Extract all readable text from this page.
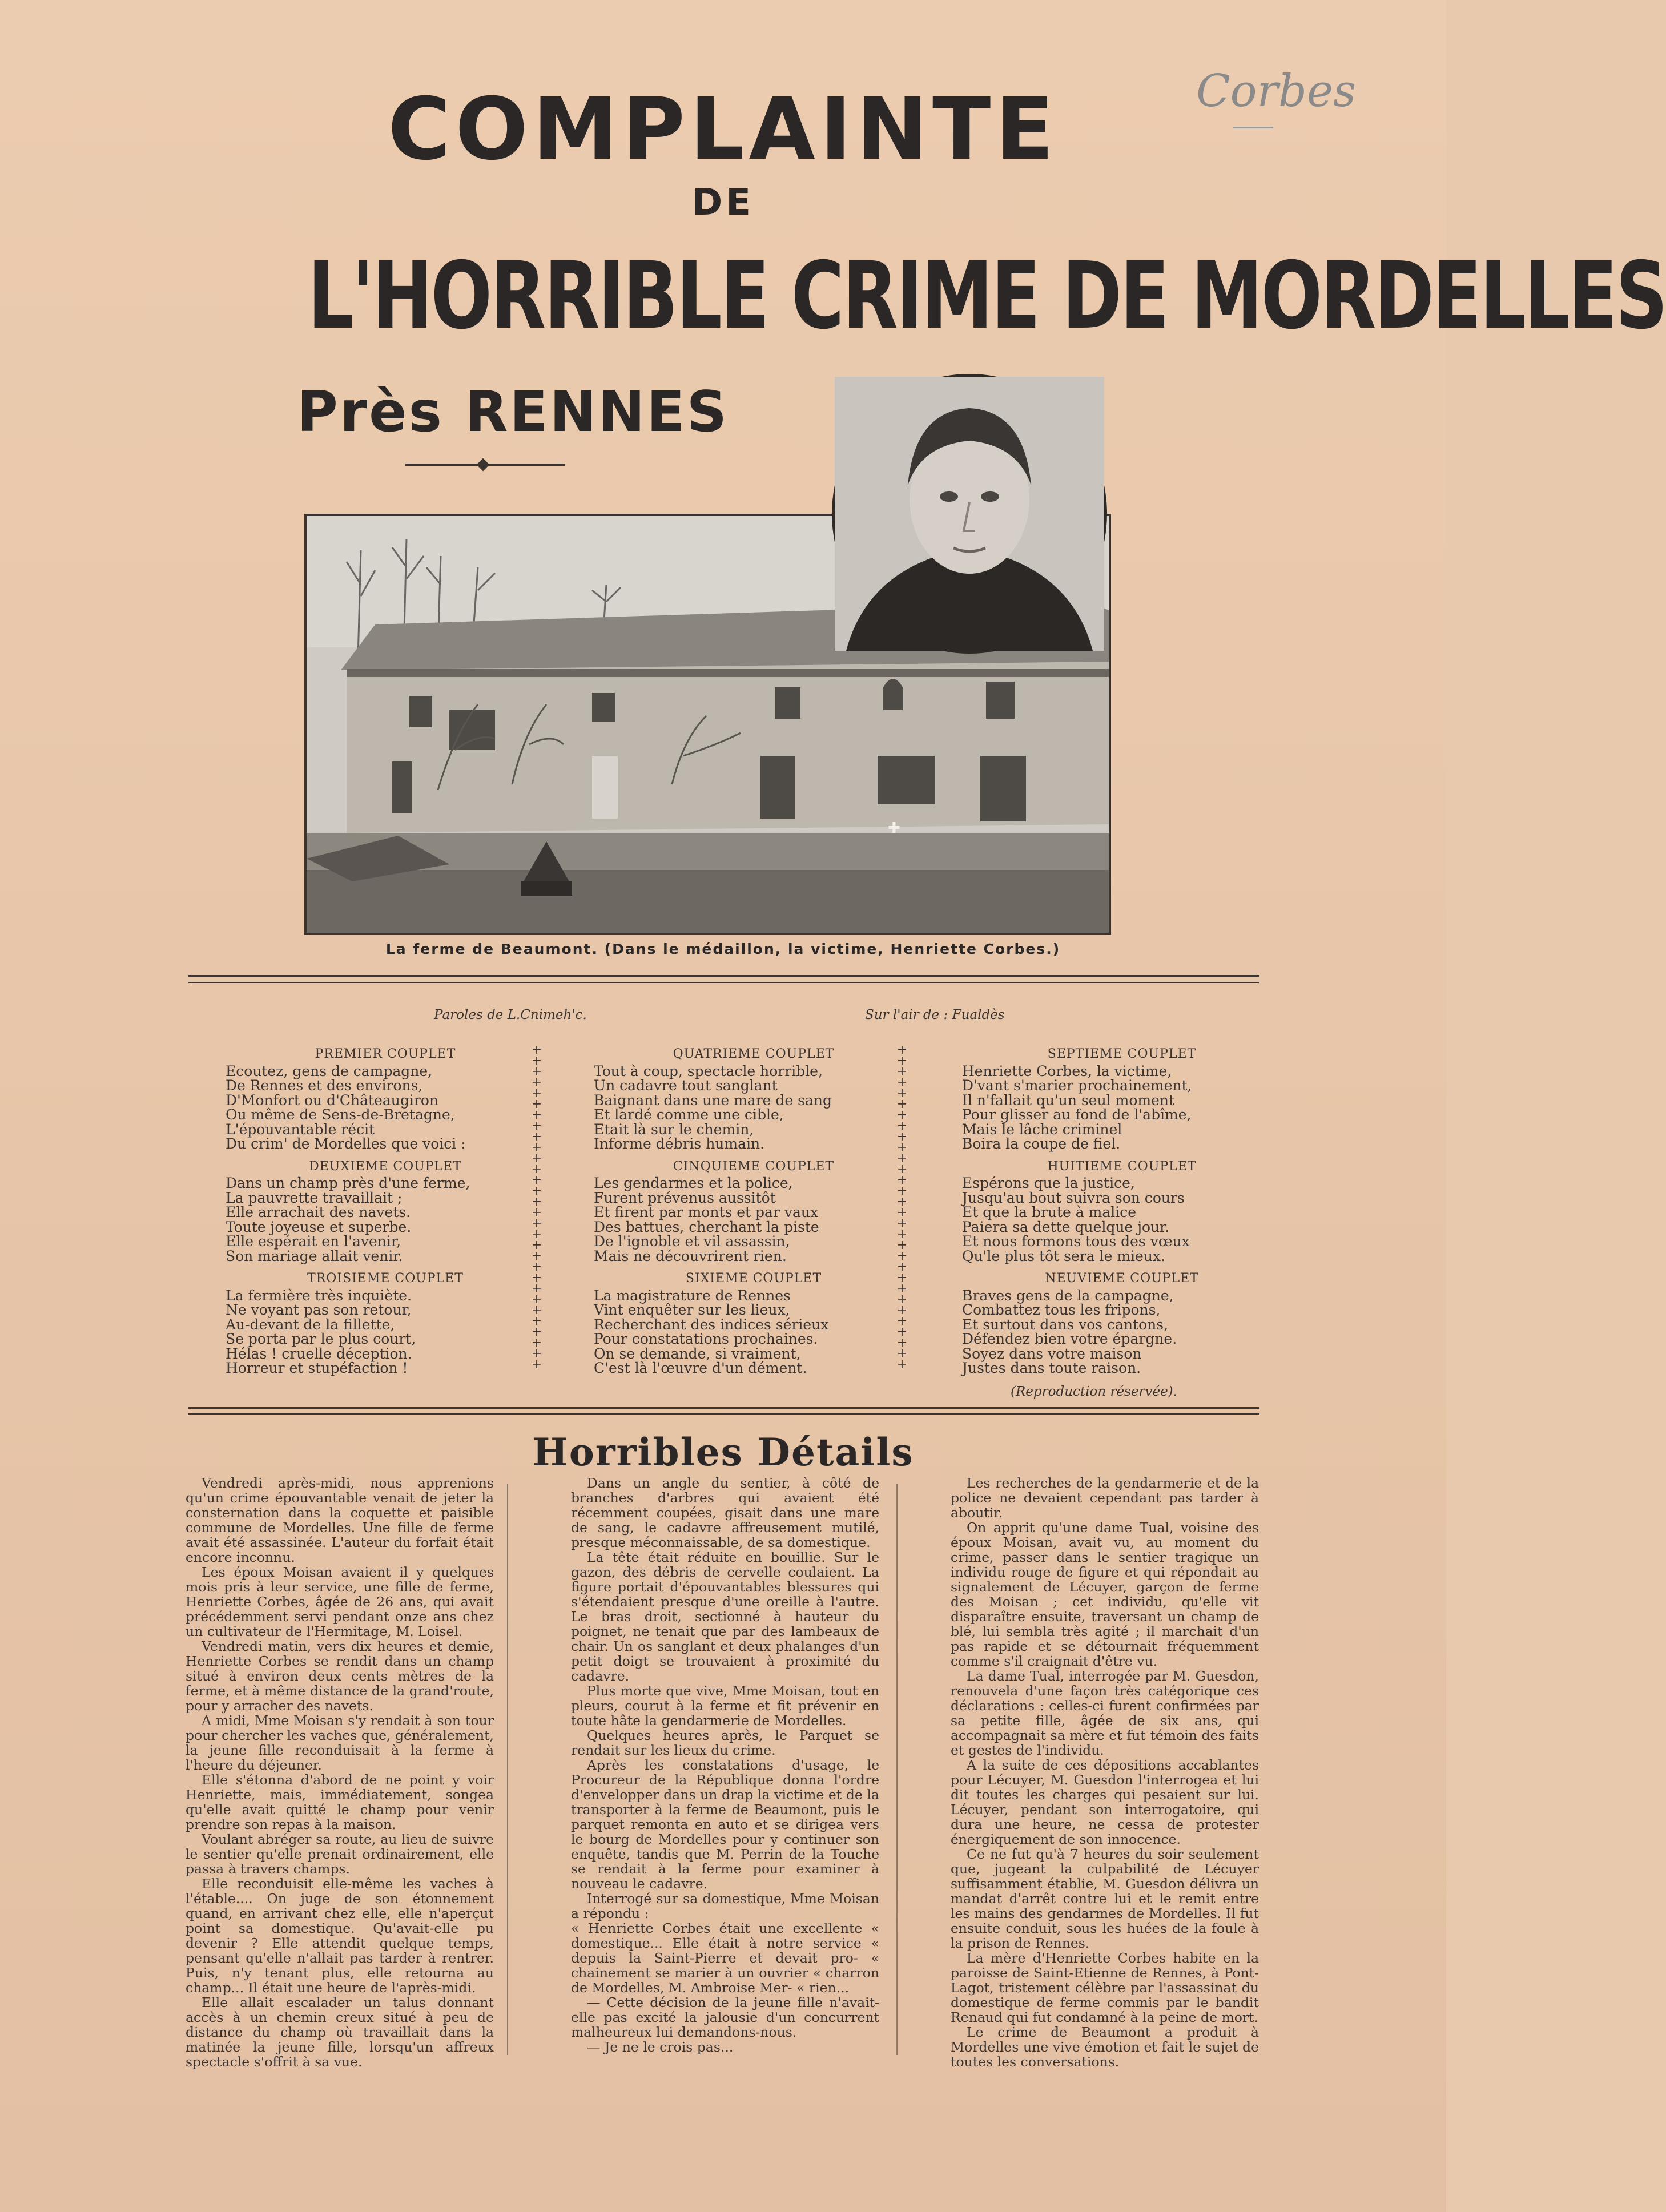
Corbes
COMPLAINTE
DE
L'HORRIBLE CRIME DE MORDELLES
Près RENNES
✚
La ferme de Beaumont. (Dans le médaillon, la victime, Henriette Corbes.)
Paroles de L.Cnimeh'c.	Sur l'air de : Fualdès
PREMIER COUPLET
Ecoutez, gens de campagne,
De Rennes et des environs,
D'Monfort ou d'Châteaugiron
Ou même de Sens-de-Bretagne,
L'épouvantable récit
Du crim' de Mordelles que voici :
DEUXIEME COUPLET
Dans un champ près d'une ferme,
La pauvrette travaillait ;
Elle arrachait des navets.
Toute joyeuse et superbe.
Elle espérait en l'avenir,
Son mariage allait venir.
TROISIEME COUPLET
La fermière très inquiète.
Ne voyant pas son retour,
Au-devant de la fillette,
Se porta par le plus court,
Hélas ! cruelle déception.
Horreur et stupéfaction !
+
+
+
+
+
+
+
+
+
+
+
+
+
+
+
+
+
+
+
+
+
+
+
+
+
+
+
+
+
+
QUATRIEME COUPLET
Tout à coup, spectacle horrible,
Un cadavre tout sanglant
Baignant dans une mare de sang
Et lardé comme une cible,
Etait là sur le chemin,
Informe débris humain.
CINQUIEME COUPLET
Les gendarmes et la police,
Furent prévenus aussitôt
Et firent par monts et par vaux
Des battues, cherchant la piste
De l'ignoble et vil assassin,
Mais ne découvrirent rien.
SIXIEME COUPLET
La magistrature de Rennes
Vint enquêter sur les lieux,
Recherchant des indices sérieux
Pour constatations prochaines.
On se demande, si vraiment,
C'est là l'œuvre d'un dément.
+
+
+
+
+
+
+
+
+
+
+
+
+
+
+
+
+
+
+
+
+
+
+
+
+
+
+
+
+
+
SEPTIEME COUPLET
Henriette Corbes, la victime,
D'vant s'marier prochainement,
Il n'fallait qu'un seul moment
Pour glisser au fond de l'abîme,
Mais le lâche criminel
Boira la coupe de fiel.
HUITIEME COUPLET
Espérons que la justice,
Jusqu'au bout suivra son cours
Et que la brute à malice
Paiera sa dette quelque jour.
Et nous formons tous des vœux
Qu'le plus tôt sera le mieux.
NEUVIEME COUPLET
Braves gens de la campagne,
Combattez tous les fripons,
Et surtout dans vos cantons,
Défendez bien votre épargne.
Soyez dans votre maison
Justes dans toute raison.
(Reproduction réservée).
Horribles Détails

Vendredi après-midi, nous apprenions qu'un crime épouvantable venait de jeter la consternation dans la coquette et paisible commune de Mordelles. Une fille de ferme avait été assassinée. L'auteur du forfait était encore inconnu.

Les époux Moisan avaient il y quelques mois pris à leur service, une fille de ferme, Henriette Corbes, âgée de 26 ans, qui avait précédemment servi pendant onze ans chez un cultivateur de l'Hermitage, M. Loisel.

Vendredi matin, vers dix heures et demie, Henriette Corbes se rendit dans un champ situé à environ deux cents mètres de la ferme, et à même distance de la grand'route, pour y arracher des navets.

A midi, Mme Moisan s'y rendait à son tour pour chercher les vaches que, généralement, la jeune fille reconduisait à la ferme à l'heure du déjeuner.

Elle s'étonna d'abord de ne point y voir Henriette, mais, immédiatement, songea qu'elle avait quitté le champ pour venir prendre son repas à la maison.

Voulant abréger sa route, au lieu de suivre le sentier qu'elle prenait ordinairement, elle passa à travers champs.

Elle reconduisit elle-même les vaches à l'étable.... On juge de son étonnement quand, en arrivant chez elle, elle n'aperçut point sa domestique. Qu'avait-elle pu devenir ? Elle attendit quelque temps, pensant qu'elle n'allait pas tarder à rentrer. Puis, n'y tenant plus, elle retourna au champ... Il était une heure de l'après-midi.

Elle allait escalader un talus donnant accès à un chemin creux situé à peu de distance du champ où travaillait dans la matinée la jeune fille, lorsqu'un affreux spectacle s'offrit à sa vue.

Dans un angle du sentier, à côté de branches d'arbres qui avaient été récemment coupées, gisait dans une mare de sang, le cadavre affreusement mutilé, presque méconnaissable, de sa domestique.

La tête était réduite en bouillie. Sur le gazon, des débris de cervelle coulaient. La figure portait d'épouvantables blessures qui s'étendaient presque d'une oreille à l'autre. Le bras droit, sectionné à hauteur du poignet, ne tenait que par des lambeaux de chair. Un os sanglant et deux phalanges d'un petit doigt se trouvaient à proximité du cadavre.

Plus morte que vive, Mme Moisan, tout en pleurs, courut à la ferme et fit prévenir en toute hâte la gendarmerie de Mordelles.

Quelques heures après, le Parquet se rendait sur les lieux du crime.

Après les constatations d'usage, le Procureur de la République donna l'ordre d'envelopper dans un drap la victime et de la transporter à la ferme de Beaumont, puis le parquet remonta en auto et se dirigea vers le bourg de Mordelles pour y continuer son enquête, tandis que M. Perrin de la Touche se rendait à la ferme pour examiner à nouveau le cadavre.

Interrogé sur sa domestique, Mme Moisan a répondu :

« Henriette Corbes était une excellente « domestique... Elle était à notre service « depuis la Saint-Pierre et devait pro- « chainement se marier à un ouvrier « charron de Mordelles, M. Ambroise Mer- « rien...

— Cette décision de la jeune fille n'avait-elle pas excité la jalousie d'un concurrent malheureux lui demandons-nous.

— Je ne le crois pas...

Les recherches de la gendarmerie et de la police ne devaient cependant pas tarder à aboutir.

On apprit qu'une dame Tual, voisine des époux Moisan, avait vu, au moment du crime, passer dans le sentier tragique un individu rouge de figure et qui répondait au signalement de Lécuyer, garçon de ferme des Moisan ; cet individu, qu'elle vit disparaître ensuite, traversant un champ de blé, lui sembla très agité ; il marchait d'un pas rapide et se détournait fréquemment comme s'il craignait d'être vu.

La dame Tual, interrogée par M. Guesdon, renouvela d'une façon très catégorique ces déclarations : celles-ci furent confirmées par sa petite fille, âgée de six ans, qui accompagnait sa mère et fut témoin des faits et gestes de l'individu.

A la suite de ces dépositions accablantes pour Lécuyer, M. Guesdon l'interrogea et lui dit toutes les charges qui pesaient sur lui. Lécuyer, pendant son interrogatoire, qui dura une heure, ne cessa de protester énergiquement de son innocence.

Ce ne fut qu'à 7 heures du soir seulement que, jugeant la culpabilité de Lécuyer suffisamment établie, M. Guesdon délivra un mandat d'arrêt contre lui et le remit entre les mains des gendarmes de Mordelles. Il fut ensuite conduit, sous les huées de la foule à la prison de Rennes.

La mère d'Henriette Corbes habite en la paroisse de Saint-Etienne de Rennes, à Pont-Lagot, tristement célèbre par l'assassinat du domestique de ferme commis par le bandit Renaud qui fut condamné à la peine de mort.

Le crime de Beaumont a produit à Mordelles une vive émotion et fait le sujet de toutes les conversations.
